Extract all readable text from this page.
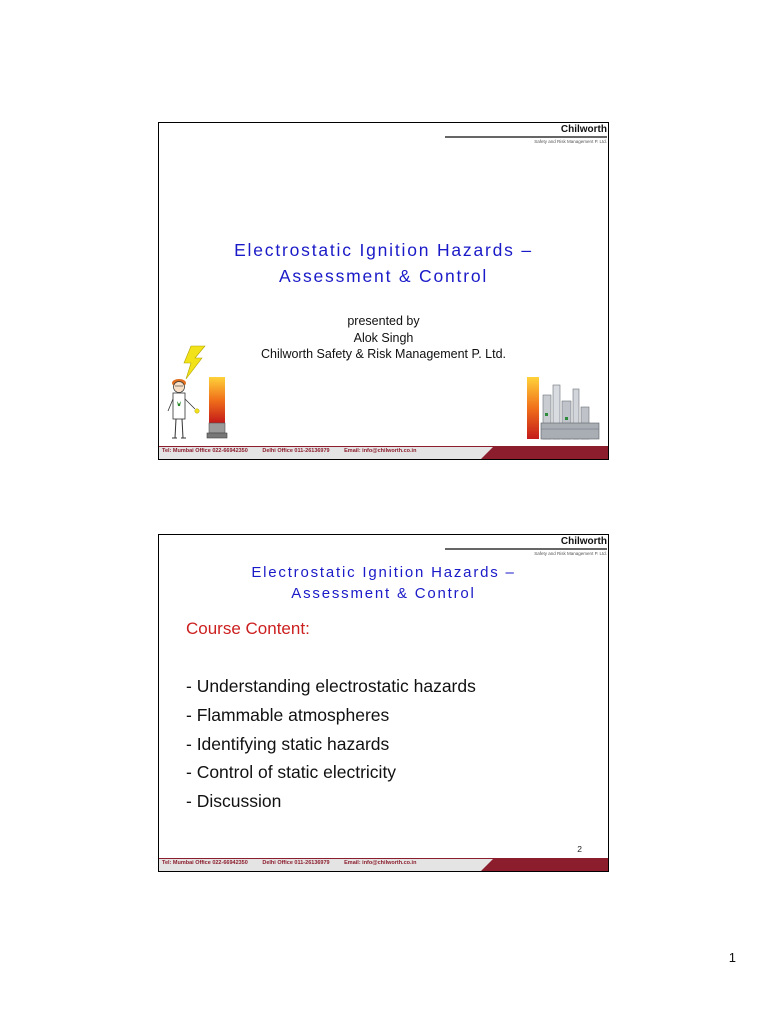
Chilworth
Safety and Risk Management P. Ltd.
Electrostatic Ignition Hazards –
Assessment & Control
presented by
Alok Singh
Chilworth Safety & Risk Management P. Ltd.
Tel: Mumbai Office 022-66942350	Delhi Office 011-26136979	Email: info@chilworth.co.in
Chilworth
Safety and Risk Management P. Ltd.
Electrostatic Ignition Hazards –
Assessment & Control
Course Content:
- Understanding electrostatic hazards
- Flammable atmospheres
- Identifying static hazards
- Control of static electricity
- Discussion
2
Tel: Mumbai Office 022-66942350	Delhi Office 011-26136979	Email: info@chilworth.co.in
1
